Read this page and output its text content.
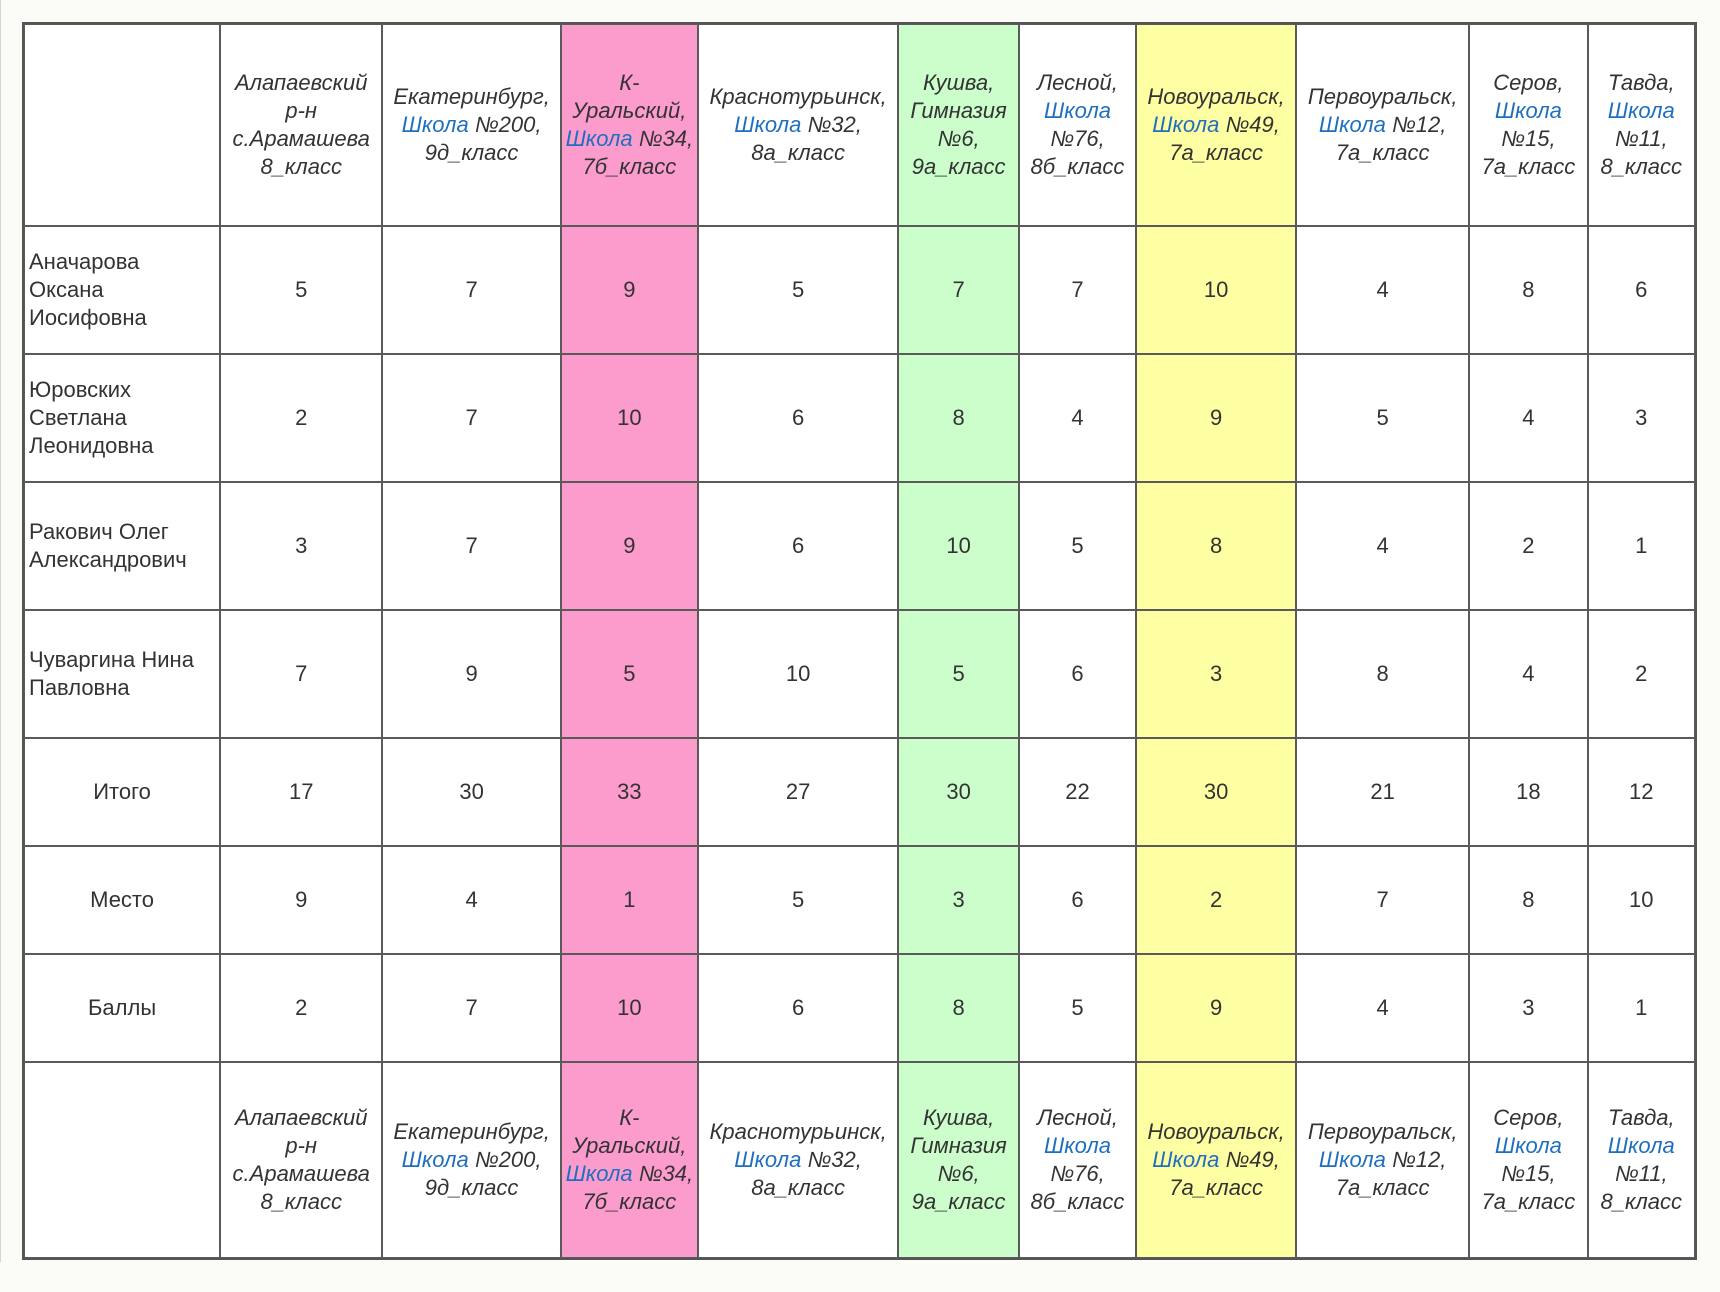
	Алапаевский р-н с.Арамашева 8_класс	Екатеринбург, Школа №200, 9д_класс	К-Уральский, Школа №34, 7б_класс	Краснотурьинск, Школа №32, 8а_класс	Кушва, Гимназия №6, 9а_класс	Лесной, Школа №76, 8б_класс	Новоуральск, Школа №49, 7а_класс	Первоуральск, Школа №12, 7а_класс	Серов, Школа №15, 7а_класс	Тавда, Школа №11, 8_класс

Аначарова Оксана Иосифовна	5	7	9	5	7	7	10	4	8	6
Юровских Светлана Леонидовна	2	7	10	6	8	4	9	5	4	3
Ракович Олег Александрович	3	7	9	6	10	5	8	4	2	1
Чуваргина Нина Павловна	7	9	5	10	5	6	3	8	4	2
Итого	17	30	33	27	30	22	30	21	18	12
Место	9	4	1	5	3	6	2	7	8	10
Баллы	2	7	10	6	8	5	9	4	3	1

	Алапаевский р-н с.Арамашева 8_класс	Екатеринбург, Школа №200, 9д_класс	К-Уральский, Школа №34, 7б_класс	Краснотурьинск, Школа №32, 8а_класс	Кушва, Гимназия №6, 9а_класс	Лесной, Школа №76, 8б_класс	Новоуральск, Школа №49, 7а_класс	Первоуральск, Школа №12, 7а_класс	Серов, Школа №15, 7а_класс	Тавда, Школа №11, 8_класс
